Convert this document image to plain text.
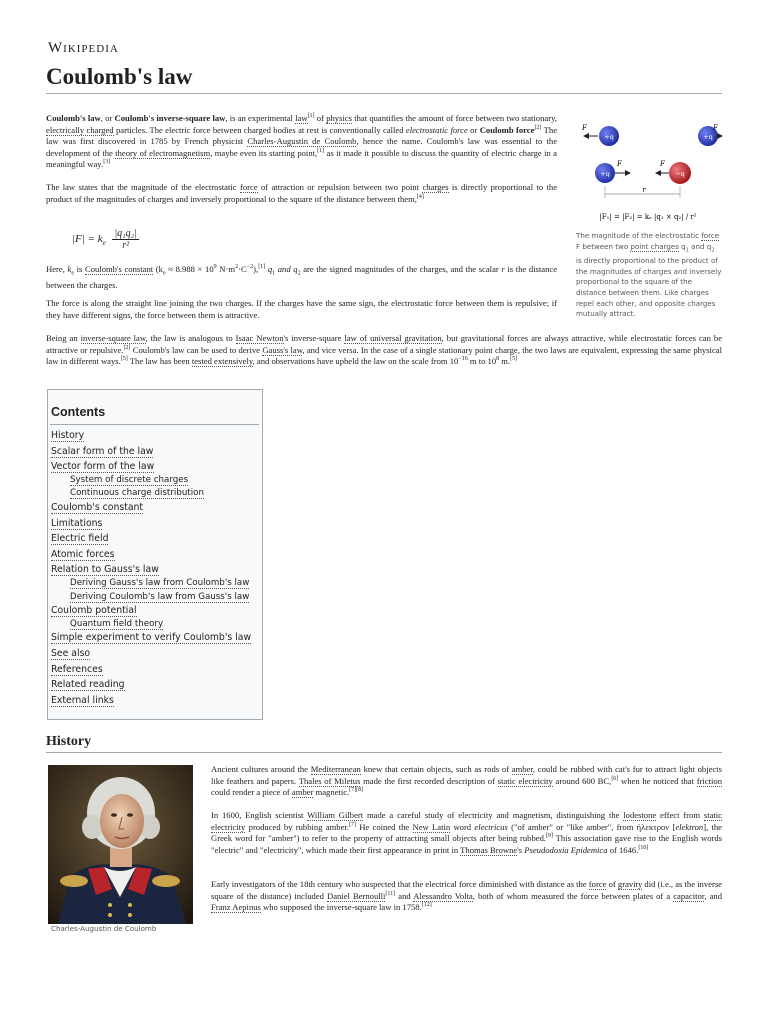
Wikipedia
Coulomb's law

Coulomb's law, or Coulomb's inverse-square law, is an experimental law[1] of physics that quantifies the amount of force between two stationary, electrically charged particles. The electric force between charged bodies at rest is conventionally called electrostatic force or Coulomb force[2] The law was first discovered in 1785 by French physicist Charles-Augustin de Coulomb, hence the name. Coulomb's law was essential to the development of the theory of electromagnetism, maybe even its starting point,[1] as it made it possible to discuss the quantity of electric charge in a meaningful way.[3]

The law states that the magnitude of the electrostatic force of attraction or repulsion between two point charges is directly proportional to the product of the magnitudes of charges and inversely proportional to the square of the distance between them,[4]

$|F| = k_e \frac{\text{|q₁q₂|}}{\text{r²}}$

Here, $k_e$ is Coulomb's constant ($k_e \approx 8.988 \times 10^9$ $N\cdot m^2\cdot C^{-2}),[1]$ $q_1$ and $q_2$ are the signed magnitudes of the charges, and the scalar r is the distance between the charges.

The force is along the straight line joining the two charges. If the charges have the same sign, the electrostatic force between them is repulsive; if they have different signs, the force between them is attractive.

Being an inverse-square law, the law is analogous to Isaac Newton's inverse-square law of universal gravitation, but gravitational forces are always attractive, while electrostatic forces can be attractive or repulsive.[2] Coulomb's law can be used to derive Gauss's law, and vice versa. In the case of a single stationary point charge, the two laws are equivalent, expressing the same physical law in different ways.[5] The law has been tested extensively, and observations have upheld the law on the scale from $10^{-16}$ m to $10^8$ m.[5]

+q
F
+q
F
+q
F
−q
F
r
|F₁| = |F₂| = kₑ |q₁ × q₂| / r²
The magnitude of the electrostatic force F between two point charges $q_1$ and $q_2$ is directly proportional to the product of the magnitudes of charges and inversely proportional to the square of the distance between them. Like charges repel each other, and opposite charges mutually attract.
Contents
History
Scalar form of the law
Vector form of the law
System of discrete charges
Continuous charge distribution
Coulomb's constant
Limitations
Electric field
Atomic forces
Relation to Gauss's law
Deriving Gauss's law from Coulomb's law
Deriving Coulomb's law from Gauss's law
Coulomb potential
Quantum field theory
Simple experiment to verify Coulomb's law
See also
References
Related reading
External links
History
Charles-Augustin de Coulomb

Ancient cultures around the Mediterranean knew that certain objects, such as rods of amber, could be rubbed with cat's fur to attract light objects like feathers and papers. Thales of Miletus made the first recorded description of static electricity around 600 BC,[6] when he noticed that friction could render a piece of amber magnetic.[7][8]

In 1600, English scientist William Gilbert made a careful study of electricity and magnetism, distinguishing the lodestone effect from static electricity produced by rubbing amber.[7] He coined the New Latin word electricus ("of amber" or "like amber", from ήλεκτρον [elektron], the Greek word for "amber") to refer to the property of attracting small objects after being rubbed.[9] This association gave rise to the English words "electric" and "electricity", which made their first appearance in print in Thomas Browne's Pseudodoxia Epidemica of 1646.[10]

Early investigators of the 18th century who suspected that the electrical force diminished with distance as the force of gravity did (i.e., as the inverse square of the distance) included Daniel Bernoulli[11] and Alessandro Volta, both of whom measured the force between plates of a capacitor, and Franz Aepinus who supposed the inverse-square law in 1758.[12]
